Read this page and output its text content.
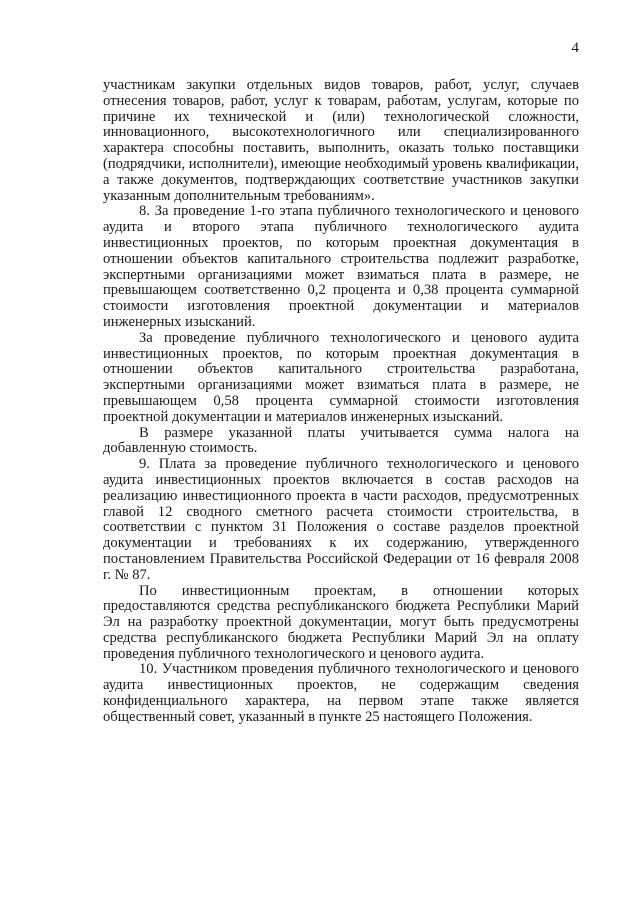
4

участникам закупки отдельных видов товаров, работ, услуг, случаев отнесения товаров, работ, услуг к товарам, работам, услугам, которые по причине их технической и (или) технологической сложности, инновационного, высокотехнологичного или специализированного характера способны поставить, выполнить, оказать только поставщики (подрядчики, исполнители), имеющие необходимый уровень квалификации, а также документов, подтверждающих соответствие участников закупки указанным дополнительным требованиям».

8. За проведение 1-го этапа публичного технологического и ценового аудита и второго этапа публичного технологического аудита инвестиционных проектов, по которым проектная документация в отношении объектов капитального строительства подлежит разработке, экспертными организациями может взиматься плата в размере, не превышающем соответственно 0,2 процента и 0,38 процента суммарной стоимости изготовления проектной документации и материалов инженерных изысканий.

За проведение публичного технологического и ценового аудита инвестиционных проектов, по которым проектная документация в отношении объектов капитального строительства разработана, экспертными организациями может взиматься плата в размере, не превышающем 0,58 процента суммарной стоимости изготовления проектной документации и материалов инженерных изысканий.

В размере указанной платы учитывается сумма налога на добавленную стоимость.

9. Плата за проведение публичного технологического и ценового аудита инвестиционных проектов включается в состав расходов на реализацию инвестиционного проекта в части расходов, предусмотренных главой 12 сводного сметного расчета стоимости строительства, в соответствии с пунктом 31 Положения о составе разделов проектной документации и требованиях к их содержанию, утвержденного постановлением Правительства Российской Федерации от 16 февраля 2008 г. № 87.

По инвестиционным проектам, в отношении которых предоставляются средства республиканского бюджета Республики Марий Эл на разработку проектной документации, могут быть предусмотрены средства республиканского бюджета Республики Марий Эл на оплату проведения публичного технологического и ценового аудита.

10. Участником проведения публичного технологического и ценового аудита инвестиционных проектов, не содержащим сведения конфиденциального характера, на первом этапе также является общественный совет, указанный в пункте 25 настоящего Положения.
